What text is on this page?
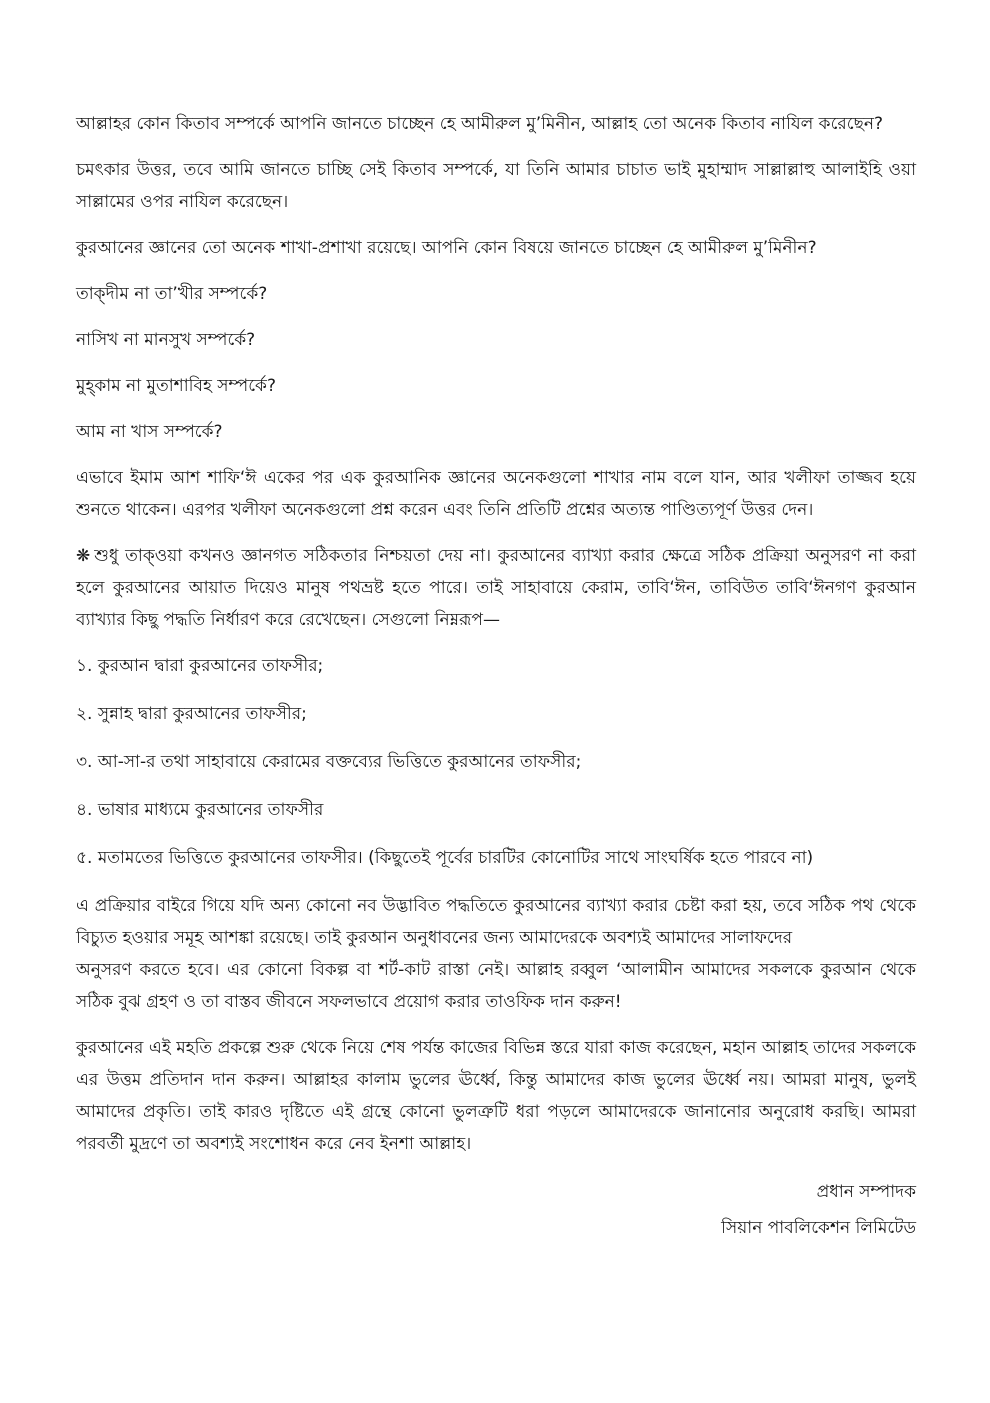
আল্লাহর কোন কিতাব সম্পর্কে আপনি জানতে চাচ্ছেন হে আমীরুল মু’মিনীন, আল্লাহ তো অনেক কিতাব নাযিল করেছেন?

চমৎকার উত্তর, তবে আমি জানতে চাচ্ছি সেই কিতাব সম্পর্কে, যা তিনি আমার চাচাত ভাই মুহাম্মাদ সাল্লাল্লাহু আলাইহি ওয়া সাল্লামের ওপর নাযিল করেছেন।

কুরআনের জ্ঞানের তো অনেক শাখা-প্রশাখা রয়েছে। আপনি কোন বিষয়ে জানতে চাচ্ছেন হে আমীরুল মু’মিনীন?

তাক্দীম না তা’খীর সম্পর্কে?

নাসিখ না মানসুখ সম্পর্কে?

মুহ্কাম না মুতাশাবিহ সম্পর্কে?

আম না খাস সম্পর্কে?

এভাবে ইমাম আশ শাফি‘ঈ একের পর এক কুরআনিক জ্ঞানের অনেকগুলো শাখার নাম বলে যান, আর খলীফা তাজ্জব হয়ে শুনতে থাকেন। এরপর খলীফা অনেকগুলো প্রশ্ন করেন এবং তিনি প্রতিটি প্রশ্নের অত্যন্ত পাণ্ডিত্যপূর্ণ উত্তর দেন।

❋ শুধু তাক্ওয়া কখনও জ্ঞানগত সঠিকতার নিশ্চয়তা দেয় না। কুরআনের ব্যাখ্যা করার ক্ষেত্রে সঠিক প্রক্রিয়া অনুসরণ না করা হলে কুরআনের আয়াত দিয়েও মানুষ পথভ্রষ্ট হতে পারে। তাই সাহাবায়ে কেরাম, তাবি‘ঈন, তাবিউত তাবি‘ঈনগণ কুরআন ব্যাখ্যার কিছু পদ্ধতি নির্ধারণ করে রেখেছেন। সেগুলো নিম্নরূপ—

১. কুরআন দ্বারা কুরআনের তাফসীর;

২. সুন্নাহ দ্বারা কুরআনের তাফসীর;

৩. আ-সা-র তথা সাহাবায়ে কেরামের বক্তব্যের ভিত্তিতে কুরআনের তাফসীর;

৪. ভাষার মাধ্যমে কুরআনের তাফসীর

৫. মতামতের ভিত্তিতে কুরআনের তাফসীর। (কিছুতেই পূর্বের চারটির কোনোটির সাথে সাংঘর্ষিক হতে পারবে না)

এ প্রক্রিয়ার বাইরে গিয়ে যদি অন্য কোনো নব উদ্ভাবিত পদ্ধতিতে কুরআনের ব্যাখ্যা করার চেষ্টা করা হয়, তবে সঠিক পথ থেকে বিচ্যুত হওয়ার সমূহ আশঙ্কা রয়েছে। তাই কুরআন অনুধাবনের জন্য আমাদেরকে অবশ্যই আমাদের সালাফদের

অনুসরণ করতে হবে। এর কোনো বিকল্প বা শর্ট-কাট রাস্তা নেই। আল্লাহ রব্বুল ‘আলামীন আমাদের সকলকে কুরআন থেকে সঠিক বুঝ গ্রহণ ও তা বাস্তব জীবনে সফলভাবে প্রয়োগ করার তাওফিক দান করুন!

কুরআনের এই মহতি প্রকল্পে শুরু থেকে নিয়ে শেষ পর্যন্ত কাজের বিভিন্ন স্তরে যারা কাজ করেছেন, মহান আল্লাহ তাদের সকলকে এর উত্তম প্রতিদান দান করুন। আল্লাহর কালাম ভুলের ঊর্ধ্বে, কিন্তু আমাদের কাজ ভুলের ঊর্ধ্বে নয়। আমরা মানুষ, ভুলই আমাদের প্রকৃতি। তাই কারও দৃষ্টিতে এই গ্রন্থে কোনো ভুলত্রুটি ধরা পড়লে আমাদেরকে জানানোর অনুরোধ করছি। আমরা পরবর্তী মুদ্রণে তা অবশ্যই সংশোধন করে নেব ইনশা আল্লাহ।

প্রধান সম্পাদক
সিয়ান পাবলিকেশন লিমিটেড
